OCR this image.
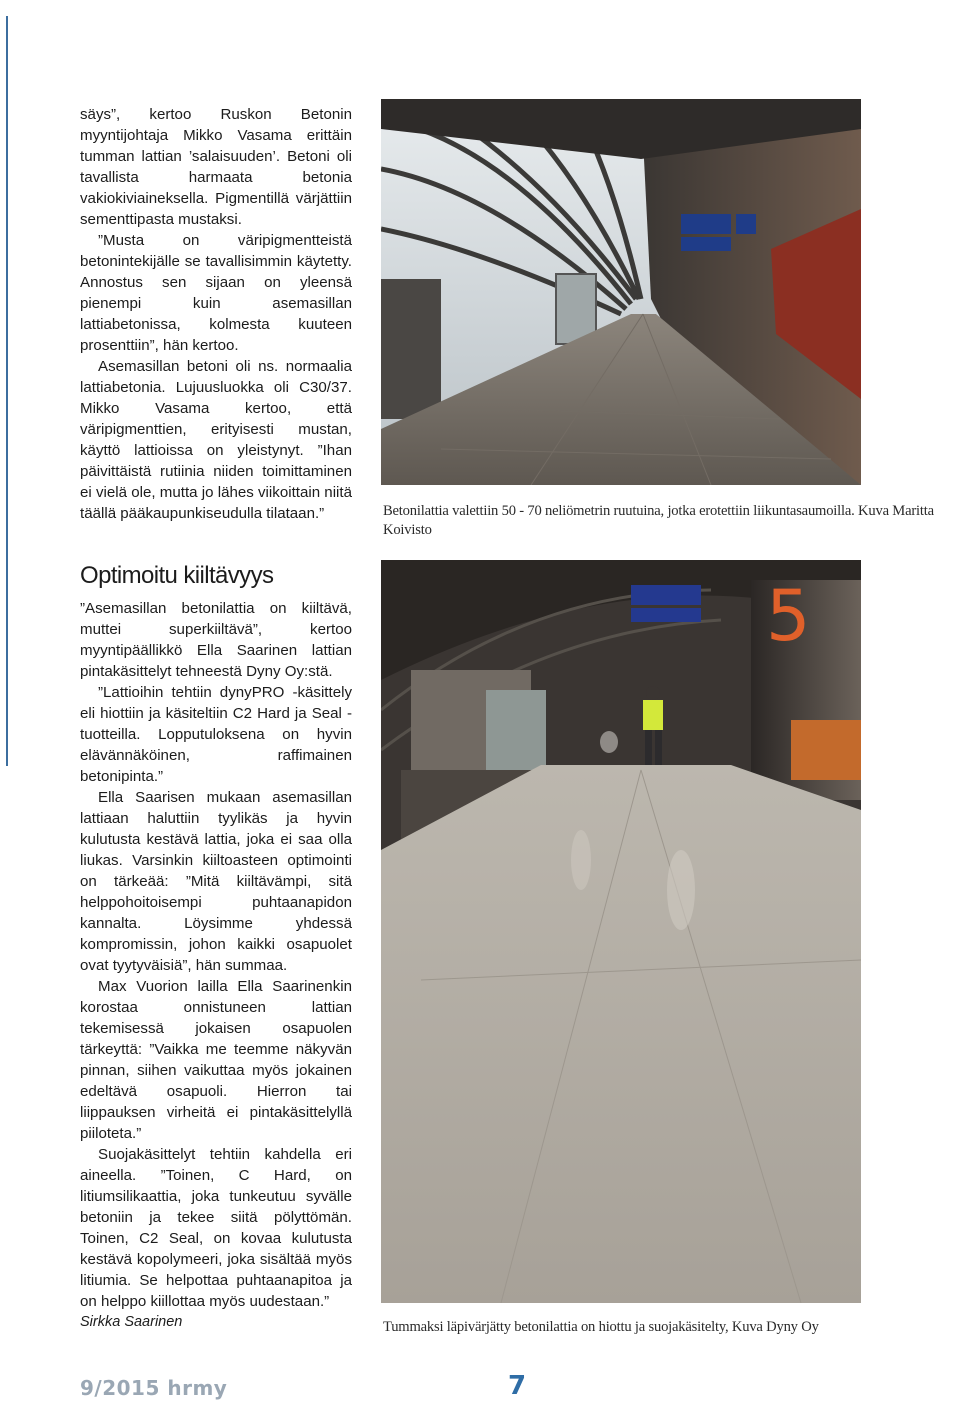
säys”, kertoo Ruskon Betonin myyntijohtaja Mikko Vasama erittäin tumman lattian ’salaisuuden’. Betoni oli tavallista harmaata betonia vakiokiviaineksella. Pigmentillä värjättiin sementtipasta mustaksi.

”Musta on väripigmentteistä betonintekijälle se tavallisimmin käytetty. Annostus sen sijaan on yleensä pienempi kuin asemasillan lattiabetonissa, kolmesta kuuteen prosenttiin”, hän kertoo.

Asemasillan betoni oli ns. normaalia lattiabetonia. Lujuusluokka oli C30/37. Mikko Vasama kertoo, että väripigmenttien, erityisesti mustan, käyttö lattioissa on yleistynyt. ”Ihan päivittäistä rutiinia niiden toimittaminen ei vielä ole, mutta jo lähes viikoittain niitä täällä pääkaupunkiseudulla tilataan.”

Optimoitu kiiltävyys

”Asemasillan betonilattia on kiiltävä, muttei superkiiltävä”, kertoo myyntipäällikkö Ella Saarinen lattian pintakäsittelyt tehneestä Dyny Oy:stä.

”Lattioihin tehtiin dynyPRO -käsittely eli hiottiin ja käsiteltiin C2 Hard ja Seal -tuotteilla. Lopputuloksena on hyvin elävännäköinen, raffimainen betonipinta.”

Ella Saarisen mukaan asemasillan lattiaan haluttiin tyylikäs ja hyvin kulutusta kestävä lattia, joka ei saa olla liukas. Varsinkin kiiltoasteen optimointi on tärkeää: ”Mitä kiiltävämpi, sitä helppohoitoisempi puhtaanapidon kannalta. Löysimme yhdessä kompromissin, johon kaikki osapuolet ovat tyytyväisiä”, hän summaa.

Max Vuorion lailla Ella Saarinenkin korostaa onnistuneen lattian tekemisessä jokaisen osapuolen tärkeyttä: ”Vaikka me teemme näkyvän pinnan, siihen vaikuttaa myös jokainen edeltävä osapuoli. Hierron tai liippauksen virheitä ei pintakäsittelyllä piiloteta.”

Suojakäsittelyt tehtiin kahdella eri aineella. ”Toinen, C Hard, on litiumsilikaattia, joka tunkeutuu syvälle betoniin ja tekee siitä pölyttömän. Toinen, C2 Seal, on kovaa kulutusta kestävä kopolymeeri, joka sisältää myös litiumia. Se helpottaa puhtaanapitoa ja on helppo kiillottaa myös uudestaan.”

Sirkka Saarinen

Betonilattia valettiin 50 - 70 neliömetrin ruutuina, jotka erotettiin liikuntasaumoilla. Kuva Maritta Koivisto
5
Tummaksi läpivärjätty betonilattia on hiottu ja suojakäsitelty, Kuva Dyny Oy
9/2015 hrmy	7
